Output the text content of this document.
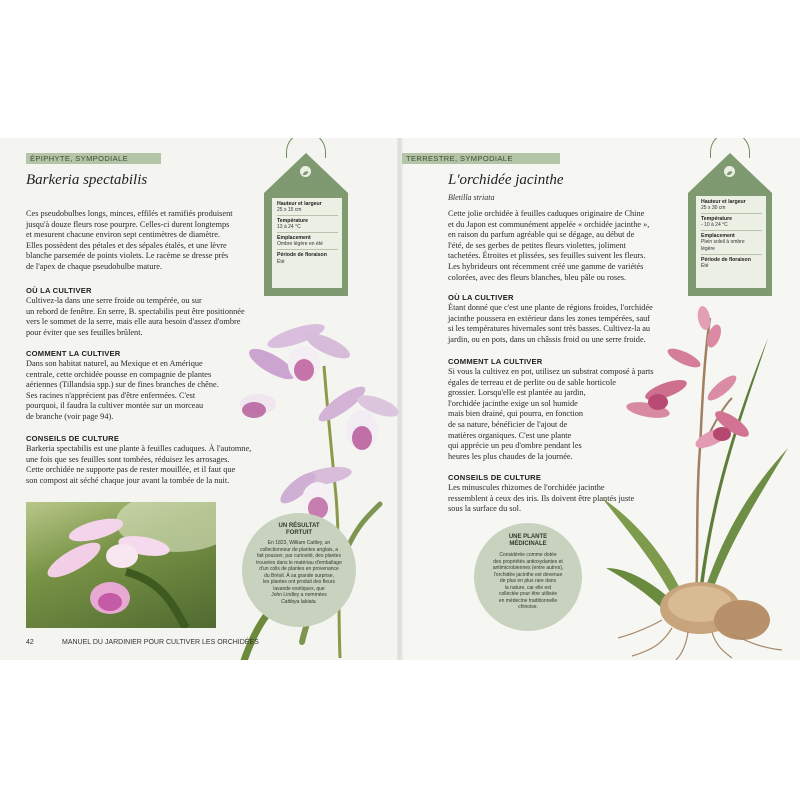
ÉPIPHYTE, SYMPODIALE
Barkeria spectabilis

Ces pseudobulbes longs, minces, effilés et ramifiés produisent

jusqu'à douze fleurs rose pourpre. Celles-ci durent longtemps

et mesurent chacune environ sept centimètres de diamètre.

Elles possèdent des pétales et des sépales étalés, et une lèvre

blanche parsemée de points violets. Le racème se dresse près

de l'apex de chaque pseudobulbe mature.

OÙ LA CULTIVER

Cultivez-la dans une serre froide ou tempérée, ou sur

un rebord de fenêtre. En serre, B. spectabilis peut être positionnée

vers le sommet de la serre, mais elle aura besoin d'assez d'ombre

pour éviter que ses feuilles brûlent.

COMMENT LA CULTIVER

Dans son habitat naturel, au Mexique et en Amérique

centrale, cette orchidée pousse en compagnie de plantes

aériennes (Tillandsia spp.) sur de fines branches de chêne.

Ses racines n'apprécient pas d'être enfermées. C'est

pourquoi, il faudra la cultiver montée sur un morceau

de branche (voir page 94).

CONSEILS DE CULTURE

Barkeria spectabilis est une plante à feuilles caduques. À l'automne,

une fois que ses feuilles sont tombées, réduisez les arrosages.

Cette orchidée ne supporte pas de rester mouillée, et il faut que

son compost ait séché chaque jour avant la tombée de la nuit.

Hauteur et largeur
25 x 15 cm
Température
13 à 24 °C
Emplacement
Ombre légère en été
Période de floraison
Été
UN RÉSULTAT
FORTUIT
En 1823, William Cattley, un
collectionneur de plantes anglais, a
fait pousser, par curiosité, des plantes
trouvées dans le matériau d'emballage
d'un colis de plantes en provenance
du Brésil. À sa grande surprise,
les plantes ont produit des fleurs
lavande exotiques, que
John Lindley a nommées
Cattleya labiata.
42	MANUEL DU JARDINIER POUR CULTIVER LES ORCHIDÉES
TERRESTRE, SYMPODIALE
L'orchidée jacinthe
Bletilla striata

Cette jolie orchidée à feuilles caduques originaire de Chine

et du Japon est communément appelée « orchidée jacinthe »,

en raison du parfum agréable qui se dégage, au début de

l'été, de ses gerbes de petites fleurs violettes, joliment

tachetées. Étroites et plissées, ses feuilles suivent les fleurs.

Les hybrideurs ont récemment créé une gamme de variétés

colorées, avec des fleurs blanches, bleu pâle ou roses.

OÙ LA CULTIVER

Étant donné que c'est une plante de régions froides, l'orchidée

jacinthe poussera en extérieur dans les zones tempérées, sauf

si les températures hivernales sont très basses. Cultivez-la au

jardin, ou en pots, dans un châssis froid ou une serre froide.

COMMENT LA CULTIVER

Si vous la cultivez en pot, utilisez un substrat composé à parts

égales de terreau et de perlite ou de sable horticole

grossier. Lorsqu'elle est plantée au jardin,

l'orchidée jacinthe exige un sol humide

mais bien drainé, qui pourra, en fonction

de sa nature, bénéficier de l'ajout de

matières organiques. C'est une plante

qui apprécie un peu d'ombre pendant les

heures les plus chaudes de la journée.

CONSEILS DE CULTURE

Les minuscules rhizomes de l'orchidée jacinthe

ressemblent à ceux des iris. Ils doivent être plantés juste

sous la surface du sol.

Hauteur et largeur
25 x 30 cm
Température
- 10 à 24 °C
Emplacement
Plein soleil à ombre
légère
Période de floraison
Été
UNE PLANTE
MÉDICINALE
Considérée comme dotée
des propriétés antioxydantes et
antimicrobiennes (entre autres),
l'orchidée jacinthe est devenue
de plus en plus rare dans
la nature, car elle est
collectée pour être utilisée
en médecine traditionnelle
chinoise.
